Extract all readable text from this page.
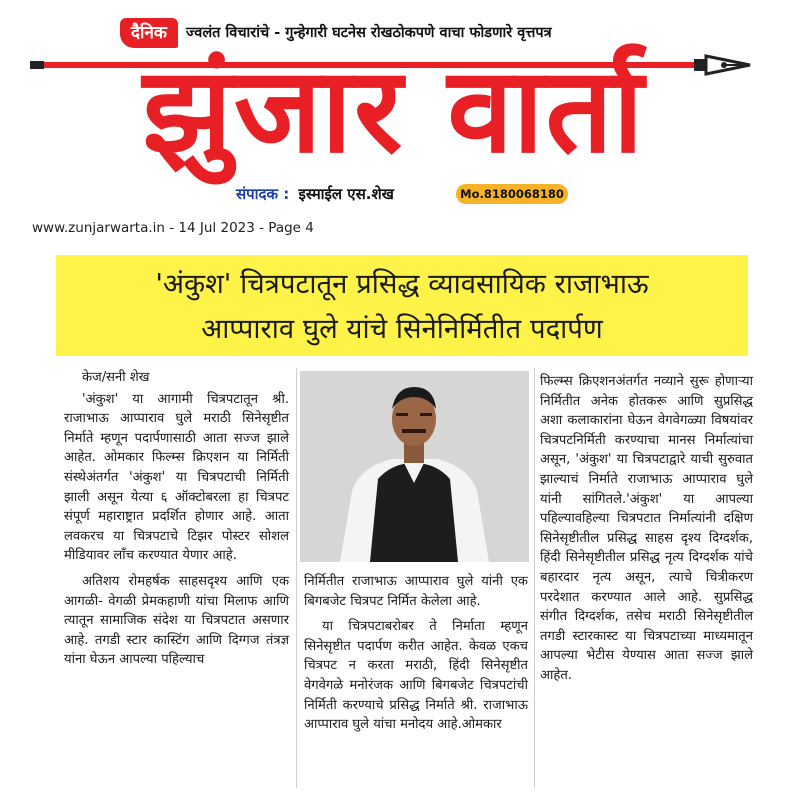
दैनिक	ज्वलंत विचारांचे - गुन्हेगारी घटनेस रोखठोकपणे वाचा फोडणारे वृत्तपत्र
झुंजार वार्ता
संपादक : इस्माईल एस.शेख	Mo.8180068180
www.zunjarwarta.in - 14 Jul 2023 - Page 4
'अंकुश' चित्रपटातून प्रसिद्ध व्यावसायिक राजाभाऊ
आप्पाराव घुले यांचे सिनेनिर्मितीत पदार्पण

केज/सनी शेख

'अंकुश' या आगामी चित्रपटातून श्री. राजाभाऊ आप्पाराव घुले मराठी सिनेसृष्टीत निर्माते म्हणून पदार्पणासाठी आता सज्ज झाले आहेत. ओमकार फिल्म्स क्रिएशन या निर्मिती संस्थेअंतर्गत 'अंकुश' या चित्रपटाची निर्मिती झाली असून येत्या ६ ऑक्टोबरला हा चित्रपट संपूर्ण महाराष्ट्रात प्रदर्शित होणार आहे. आता लवकरच या चित्रपटाचे टिझर पोस्टर सोशल मीडियावर लाँच करण्यात येणार आहे.

अतिशय रोमहर्षक साहसदृश्य आणि एक आगळी- वेगळी प्रेमकहाणी यांचा मिलाफ आणि त्यातून सामाजिक संदेश या चित्रपटात असणार आहे. तगडी स्टार कास्टिंग आणि दिग्गज तंत्रज्ञ यांना घेऊन आपल्या पहिल्याच

निर्मितीत राजाभाऊ आप्पाराव घुले यांनी एक बिगबजेट चित्रपट निर्मित केलेला आहे.

या चित्रपटाबरोबर ते निर्माता म्हणून सिनेसृष्टीत पदार्पण करीत आहेत. केवळ एकच चित्रपट न करता मराठी, हिंदी सिनेसृष्टीत वेगवेगळे मनोरंजक आणि बिगबजेट चित्रपटांची निर्मिती करण्याचे प्रसिद्ध निर्माते श्री. राजाभाऊ आप्पाराव घुले यांचा मनोदय आहे.ओमकार

फिल्म्स क्रिएशनअंतर्गत नव्याने सुरू होणाऱ्या निर्मितीत अनेक होतकरू आणि सुप्रसिद्ध अशा कलाकारांना घेऊन वेगवेगळ्या विषयांवर चित्रपटनिर्मिती करण्याचा मानस निर्मात्यांचा असून, 'अंकुश' या चित्रपटाद्वारे याची सुरुवात झाल्याचं निर्माते राजाभाऊ आप्पाराव घुले यांनी सांगितले.'अंकुश' या आपल्या पहिल्यावहिल्या चित्रपटात निर्मात्यांनी दक्षिण सिनेसृष्टीतील प्रसिद्ध साहस दृश्य दिग्दर्शक, हिंदी सिनेसृष्टीतील प्रसिद्ध नृत्य दिग्दर्शक यांचे बहारदार नृत्य असून, त्याचे चित्रीकरण परदेशात करण्यात आले आहे. सुप्रसिद्ध संगीत दिग्दर्शक, तसेच मराठी सिनेसृष्टीतील तगडी स्टारकास्ट या चित्रपटाच्या माध्यमातून आपल्या भेटीस येण्यास आता सज्ज झाले आहेत.
